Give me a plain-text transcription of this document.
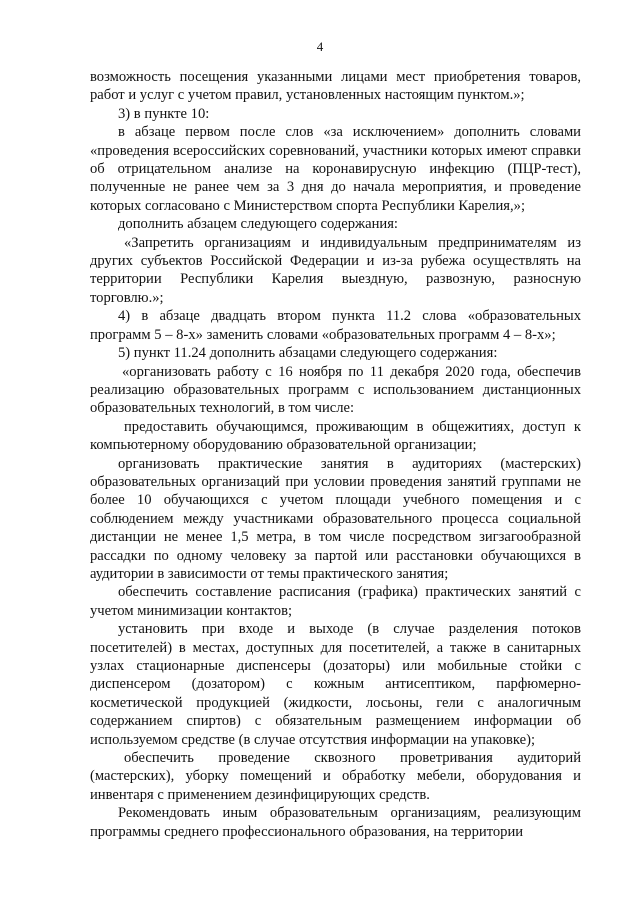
4

возможность посещения указанными лицами мест приобретения товаров, работ и услуг с учетом правил, установленных настоящим пунктом.»;

3) в пункте 10:

в абзаце первом после слов «за исключением» дополнить словами «проведения всероссийских соревнований, участники которых имеют справки об отрицательном анализе на коронавирусную инфекцию (ПЦР-тест), полученные не ранее чем за 3 дня до начала мероприятия, и проведение которых согласовано с Министерством спорта Республики Карелия,»;

дополнить абзацем следующего содержания:

«Запретить организациям и индивидуальным предпринимателям из других субъектов Российской Федерации и из-за рубежа осуществлять на территории Республики Карелия выездную, развозную, разносную торговлю.»;

4) в абзаце двадцать втором пункта 11.2 слова «образовательных программ 5 – 8-х» заменить словами «образовательных программ 4 – 8-х»;

5) пункт 11.24 дополнить абзацами следующего содержания:

«организовать работу с 16 ноября по 11 декабря 2020 года, обеспечив реализацию образовательных программ с использованием дистанционных образовательных технологий, в том числе:

предоставить обучающимся, проживающим в общежитиях, доступ к компьютерному оборудованию образовательной организации;

организовать практические занятия в аудиториях (мастерских) образовательных организаций при условии проведения занятий группами не более 10 обучающихся с учетом площади учебного помещения и с соблюдением между участниками образовательного процесса социальной дистанции не менее 1,5 метра, в том числе посредством зигзагообразной рассадки по одному человеку за партой или расстановки обучающихся в аудитории в зависимости от темы практического занятия;

обеспечить составление расписания (графика) практических занятий с учетом минимизации контактов;

установить при входе и выходе (в случае разделения потоков посетителей) в местах, доступных для посетителей, а также в санитарных узлах стационарные диспенсеры (дозаторы) или мобильные стойки с диспенсером (дозатором) с кожным антисептиком, парфюмерно-косметической продукцией (жидкости, лосьоны, гели с аналогичным содержанием спиртов) с обязательным размещением информации об используемом средстве (в случае отсутствия информации на упаковке);

обеспечить проведение сквозного проветривания аудиторий (мастерских), уборку помещений и обработку мебели, оборудования и инвентаря с применением дезинфицирующих средств.

Рекомендовать иным образовательным организациям, реализующим программы среднего профессионального образования, на территории
